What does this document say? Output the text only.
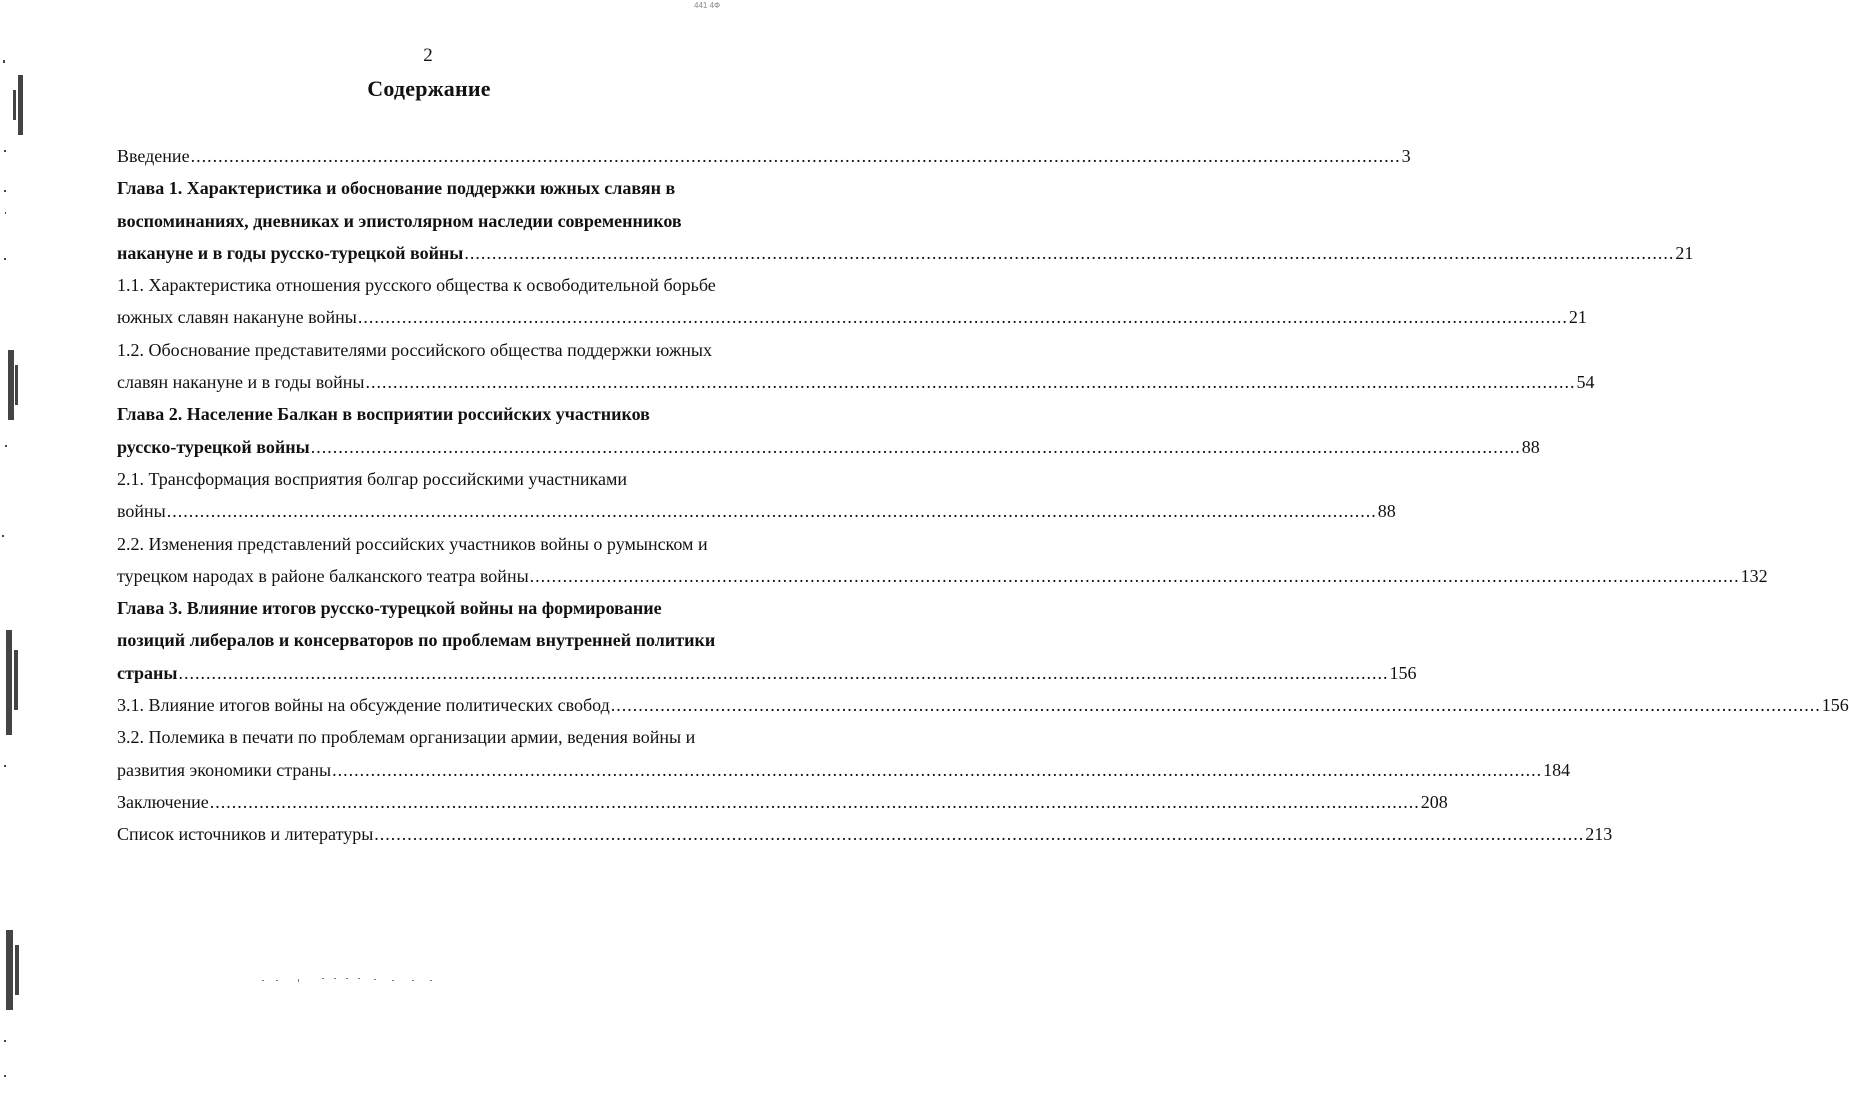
441 4Ф
2
Содержание
Введение ............................................................................................................................................................................................................................ 3
Глава 1. Характеристика и обоснование поддержки южных славян в
воспоминаниях, дневниках и эпистолярном наследии современников
накануне и в годы русско-турецкой войны ............................................................................................................................................................................................................................ 21
1.1. Характеристика отношения русского общества к освободительной борьбе
южных славян накануне войны ............................................................................................................................................................................................................................ 21
1.2. Обоснование представителями российского общества поддержки южных
славян накануне и в годы войны ............................................................................................................................................................................................................................ 54
Глава 2. Население Балкан в восприятии российских участников
русско-турецкой войны ............................................................................................................................................................................................................................ 88
2.1. Трансформация восприятия болгар российскими участниками
войны ............................................................................................................................................................................................................................ 88
2.2. Изменения представлений российских участников войны о румынском и
турецком народах в районе балканского театра войны ............................................................................................................................................................................................................................ 132
Глава 3. Влияние итогов русско-турецкой войны на формирование
позиций либералов и консерваторов по проблемам внутренней политики
страны ............................................................................................................................................................................................................................ 156
3.1. Влияние итогов войны на обсуждение политических свобод ............................................................................................................................................................................................................................ 156
3.2. Полемика в печати по проблемам организации армии, ведения войны и
развития экономики страны ............................................................................................................................................................................................................................ 184
Заключение ............................................................................................................................................................................................................................ 208
Список источников и литературы ............................................................................................................................................................................................................................ 213
